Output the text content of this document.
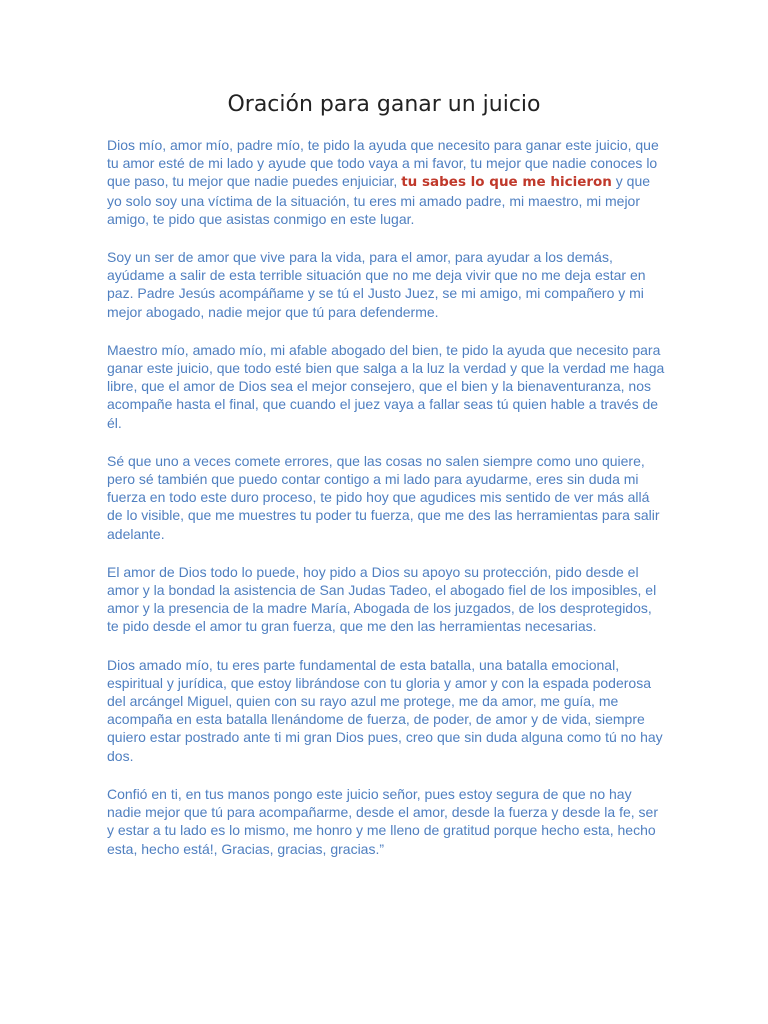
Oración para ganar un juicio

Dios mío, amor mío, padre mío, te pido la ayuda que necesito para ganar este juicio, que tu amor esté de mi lado y ayude que todo vaya a mi favor, tu mejor que nadie conoces lo que paso, tu mejor que nadie puedes enjuiciar, tu sabes lo que me hicieron y que yo solo soy una víctima de la situación, tu eres mi amado padre, mi maestro, mi mejor amigo, te pido que asistas conmigo en este lugar.

Soy un ser de amor que vive para la vida, para el amor, para ayudar a los demás, ayúdame a salir de esta terrible situación que no me deja vivir que no me deja estar en paz. Padre Jesús acompáñame y se tú el Justo Juez, se mi amigo, mi compañero y mi mejor abogado, nadie mejor que tú para defenderme.

Maestro mío, amado mío, mi afable abogado del bien, te pido la ayuda que necesito para ganar este juicio, que todo esté bien que salga a la luz la verdad y que la verdad me haga libre, que el amor de Dios sea el mejor consejero, que el bien y la bienaventuranza, nos acompañe hasta el final, que cuando el juez vaya a fallar seas tú quien hable a través de él.

Sé que uno a veces comete errores, que las cosas no salen siempre como uno quiere, pero sé también que puedo contar contigo a mi lado para ayudarme, eres sin duda mi fuerza en todo este duro proceso, te pido hoy que agudices mis sentido de ver más allá de lo visible, que me muestres tu poder tu fuerza, que me des las herramientas para salir adelante.

El amor de Dios todo lo puede, hoy pido a Dios su apoyo su protección, pido desde el amor y la bondad la asistencia de San Judas Tadeo, el abogado fiel de los imposibles, el amor y la presencia de la madre María, Abogada de los juzgados, de los desprotegidos, te pido desde el amor tu gran fuerza, que me den las herramientas necesarias.

Dios amado mío, tu eres parte fundamental de esta batalla, una batalla emocional, espiritual y jurídica, que estoy librándose con tu gloria y amor y con la espada poderosa del arcángel Miguel, quien con su rayo azul me protege, me da amor, me guía, me acompaña en esta batalla llenándome de fuerza, de poder, de amor y de vida, siempre quiero estar postrado ante ti mi gran Dios pues, creo que sin duda alguna como tú no hay dos.

Confió en ti, en tus manos pongo este juicio señor, pues estoy segura de que no hay nadie mejor que tú para acompañarme, desde el amor, desde la fuerza y desde la fe, ser y estar a tu lado es lo mismo, me honro y me lleno de gratitud porque hecho esta, hecho esta, hecho está!, Gracias, gracias, gracias.”
